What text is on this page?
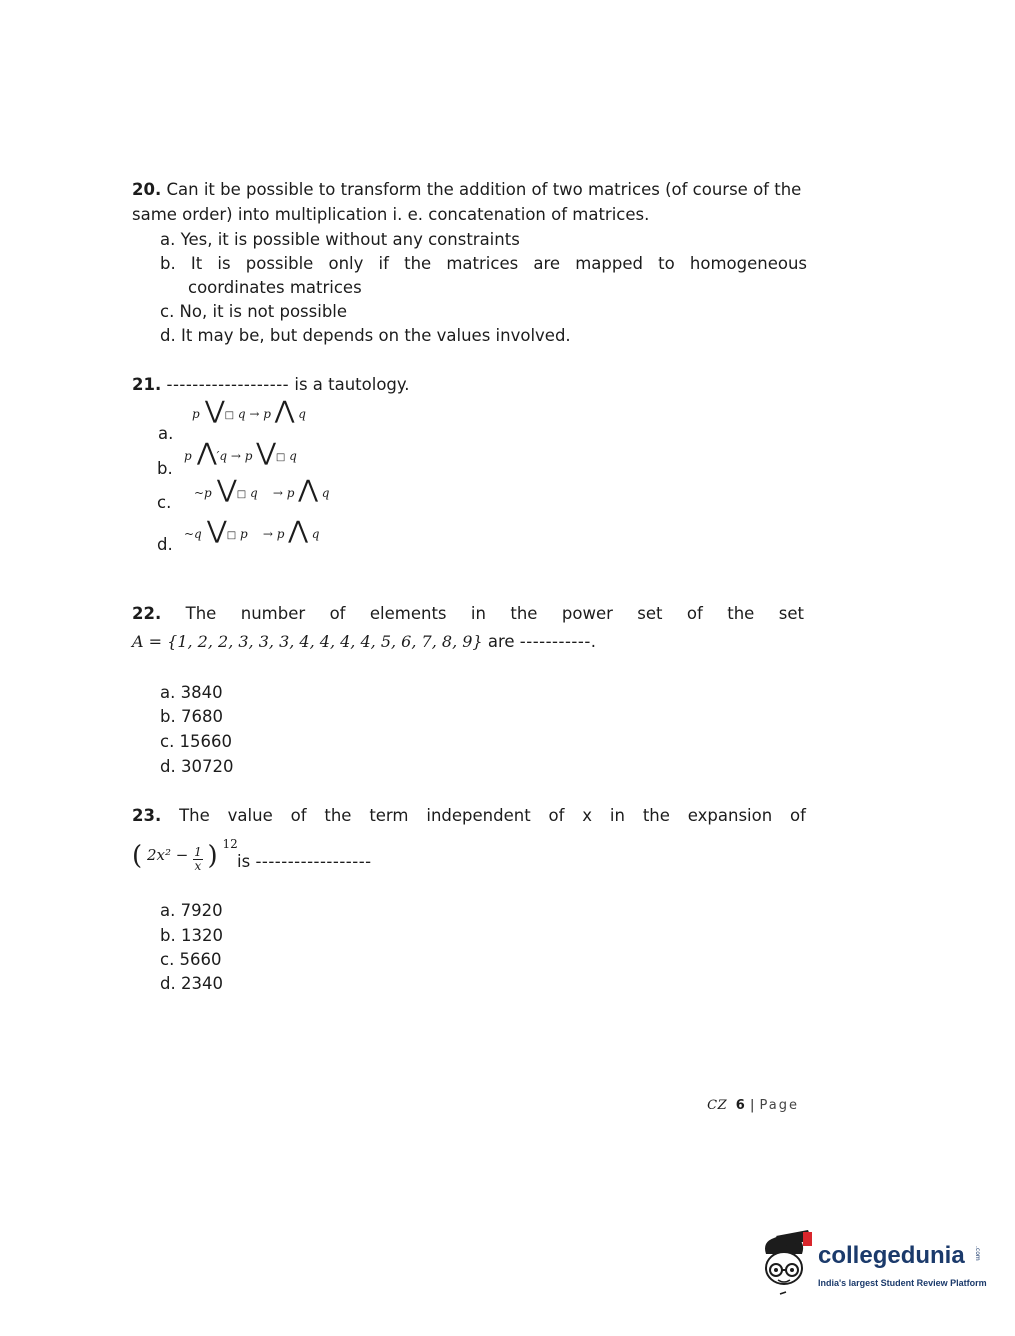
20. Can it be possible to transform the addition of two matrices (of course of the same order) into multiplication i. e. concatenation of matrices.
a. Yes, it is possible without any constraints
b. It is possible only if the matrices are mapped to homogeneous
coordinates matrices
c. No, it is not possible
d. It may be, but depends on the values involved.
21. ------------------- is a tautology.
a.
p ⋁□ q → p ⋀ q
b.
p ⋀′q → p ⋁□ q
c. ~p ⋁□ q    → p ⋀ q
d.
~q ⋁□ p    → p ⋀ q
22. The number of elements in the power set of the set
A = {1, 2, 2, 3, 3, 3, 4, 4, 4, 4, 5, 6, 7, 8, 9} are -----------.
a. 3840
b. 7680
c. 15660
d. 30720
23. The value of the term independent of x in the expansion of
( $2x^2 - \frac{1}{x}$ ) $^{12}$
is ------------------
a. 7920
b. 1320
c. 5660
d. 2340
CZ 6 | Page
collegedunia .com
India's largest Student Review Platform
